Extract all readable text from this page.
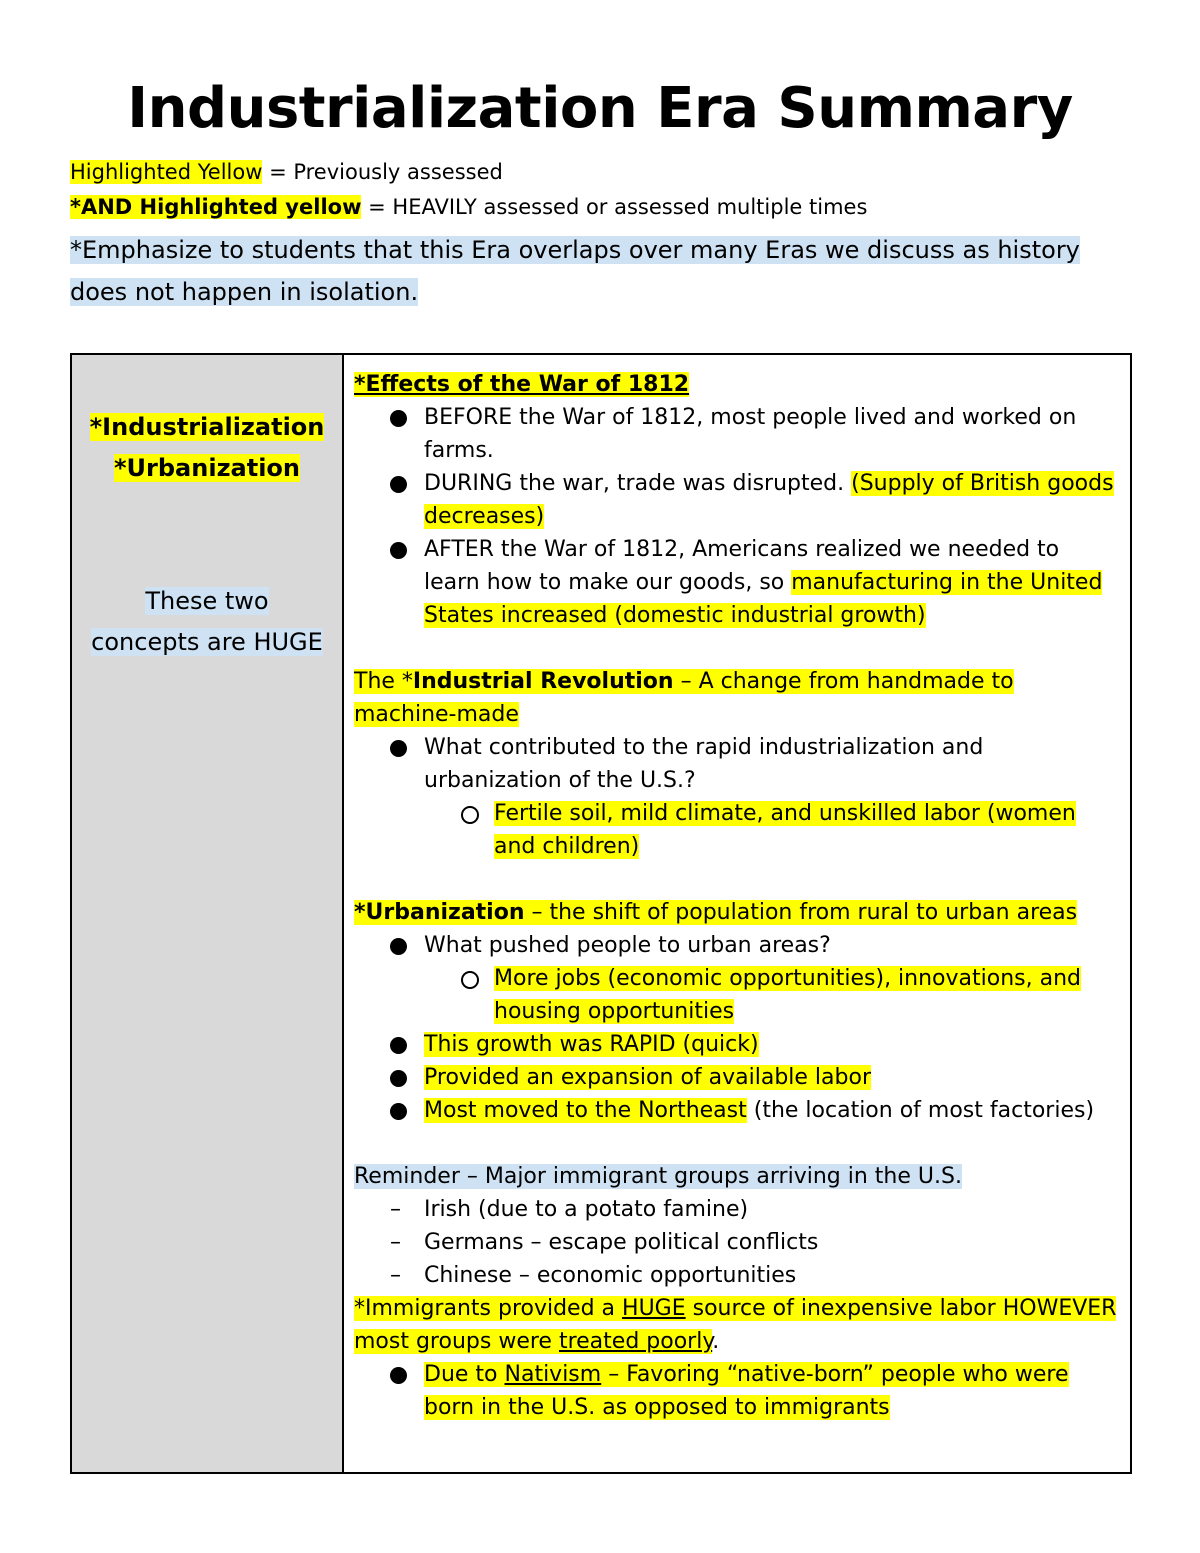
Industrialization Era Summary

Highlighted Yellow = Previously assessed

*AND Highlighted yellow = HEAVILY assessed or assessed multiple times

*Emphasize to students that this Era overlaps over many Eras we discuss as history does not happen in isolation.

*Industrialization
*Urbanization
These two
concepts are HUGE

*Effects of the War of 1812

BEFORE the War of 1812, most people lived and worked on farms.
DURING the war, trade was disrupted. (Supply of British goods decreases)
AFTER the War of 1812, Americans realized we needed to learn how to make our goods, so manufacturing in the United States increased (domestic industrial growth)

The *Industrial Revolution – A change from handmade to machine-made

What contributed to the rapid industrialization and urbanization of the U.S.?
Fertile soil, mild climate, and unskilled labor (women and children)

*Urbanization – the shift of population from rural to urban areas

What pushed people to urban areas?
More jobs (economic opportunities), innovations, and housing opportunities
This growth was RAPID (quick)
Provided an expansion of available labor
Most moved to the Northeast (the location of most factories)

Reminder – Major immigrant groups arriving in the U.S.

– Irish (due to a potato famine)
– Germans – escape political conflicts
– Chinese – economic opportunities

*Immigrants provided a HUGE source of inexpensive labor HOWEVER most groups were treated poorly.

Due to Nativism – Favoring “native-born” people who were born in the U.S. as opposed to immigrants
